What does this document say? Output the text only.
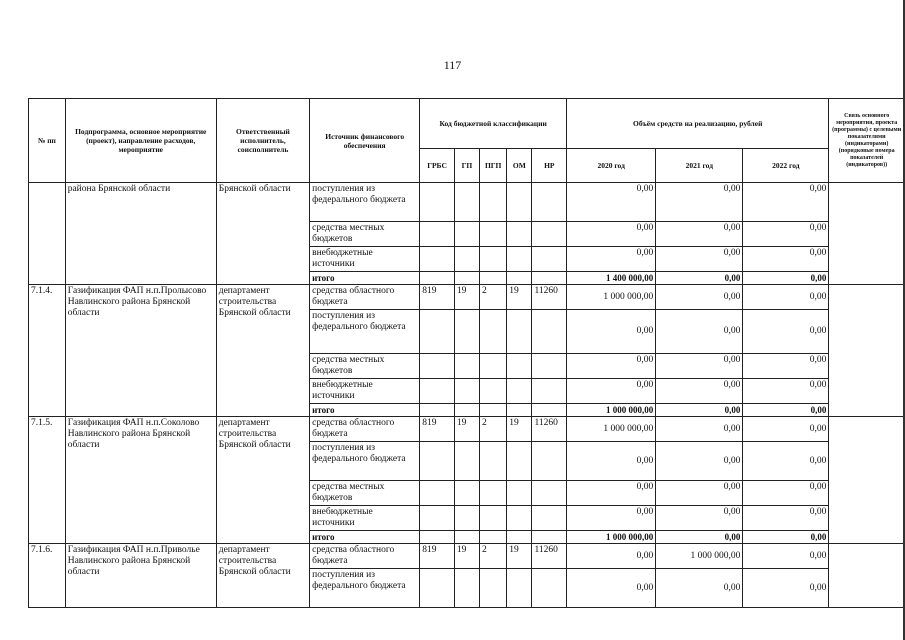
117
№ пп	Подпрограмма, основное мероприятие (проект), направление расходов, мероприятие	Ответственный исполнитель, соисполнитель	Источник финансового обеспечения	Код бюджетной классификации					Объём средств на реализацию, рублей			Связь основного мероприятия, проекта (программы) с целевыми показателями (индикаторами) (порядковые номера показателей (индикаторов))
				ГРБС	ГП	ПГП	ОМ	НР	2020 год	2021 год	2022 год	
	района Брянской области	Брянской области	поступления из федерального бюджета						0,00	0,00	0,00	
			средства местных бюджетов						0,00	0,00	0,00	
			внебюджетные источники						0,00	0,00	0,00	
			итого						1 400 000,00	0,00	0,00	
7.1.4.	Газификация ФАП н.п.Пролысово Навлинского района Брянской области	департамент строительства Брянской области	средства областного бюджета	819	19	2	19	11260	1 000 000,00	0,00	0,00	
			поступления из федерального бюджета						0,00	0,00	0,00	
			средства местных бюджетов						0,00	0,00	0,00	
			внебюджетные источники						0,00	0,00	0,00	
			итого						1 000 000,00	0,00	0,00	
7.1.5.	Газификация ФАП н.п.Соколово Навлинского района Брянской области	департамент строительства Брянской области	средства областного бюджета	819	19	2	19	11260	1 000 000,00	0,00	0,00	
			поступления из федерального бюджета						0,00	0,00	0,00	
			средства местных бюджетов						0,00	0,00	0,00	
			внебюджетные источники						0,00	0,00	0,00	
			итого						1 000 000,00	0,00	0,00	
7.1.6.	Газификация ФАП н.п.Приволье Навлинского района Брянской области	департамент строительства Брянской области	средства областного бюджета	819	19	2	19	11260	0,00	1 000 000,00	0,00	
			поступления из федерального бюджета						0,00	0,00	0,00	
